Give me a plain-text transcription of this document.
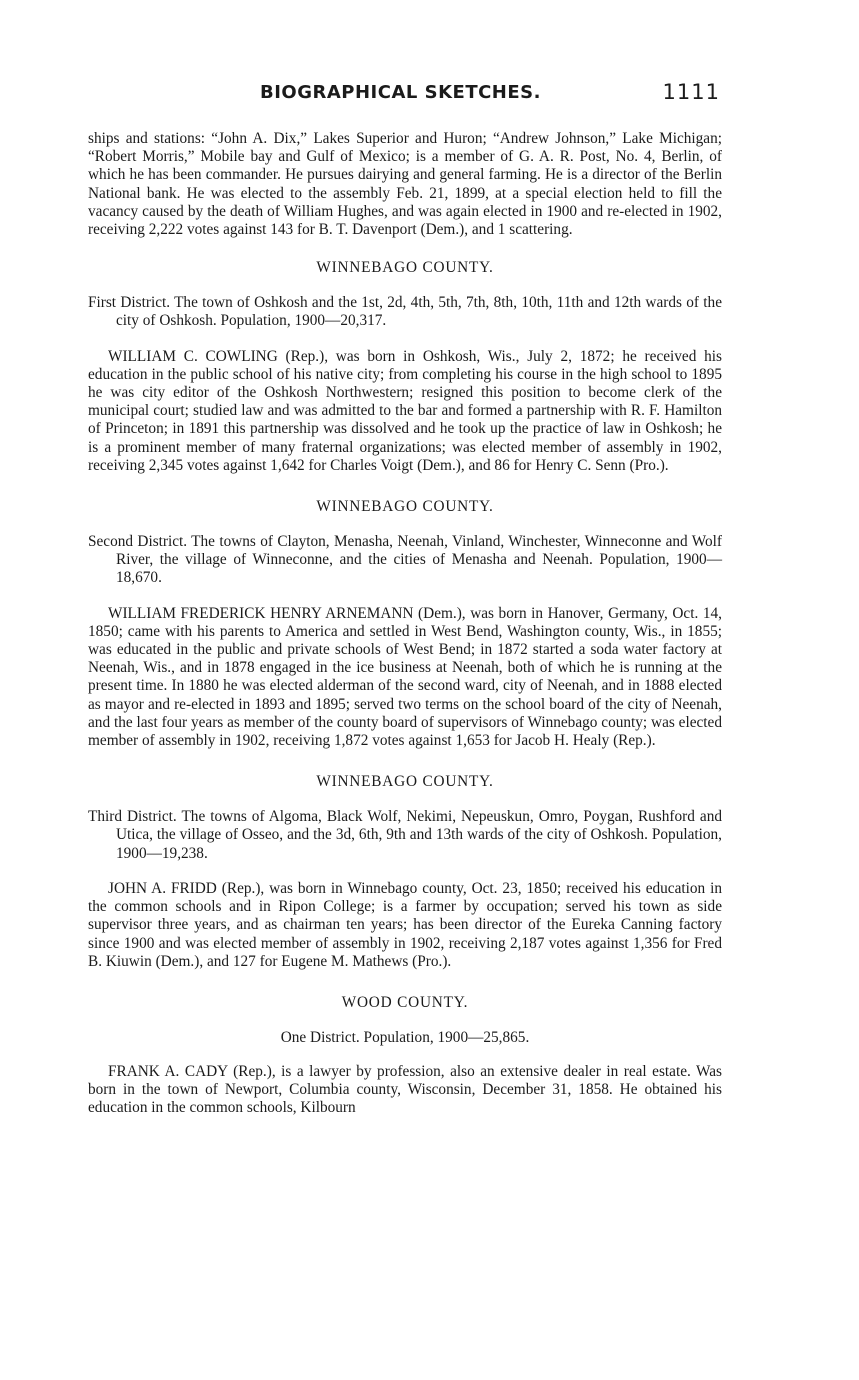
BIOGRAPHICAL SKETCHES.	1111

ships and stations: “John A. Dix,” Lakes Superior and Huron; “Andrew Johnson,” Lake Michigan; “Robert Morris,” Mobile bay and Gulf of Mexico; is a member of G. A. R. Post, No. 4, Berlin, of which he has been commander. He pursues dairying and general farming. He is a director of the Berlin National bank. He was elected to the assembly Feb. 21, 1899, at a special election held to fill the vacancy caused by the death of William Hughes, and was again elected in 1900 and re-elected in 1902, receiving 2,222 votes against 143 for B. T. Davenport (Dem.), and 1 scattering.

WINNEBAGO COUNTY.

First District. The town of Oshkosh and the 1st, 2d, 4th, 5th, 7th, 8th, 10th, 11th and 12th wards of the city of Oshkosh. Population, 1900—20,317.

WILLIAM C. COWLING (Rep.), was born in Oshkosh, Wis., July 2, 1872; he received his education in the public school of his native city; from completing his course in the high school to 1895 he was city editor of the Oshkosh Northwestern; resigned this position to become clerk of the municipal court; studied law and was admitted to the bar and formed a partnership with R. F. Hamilton of Princeton; in 1891 this partnership was dissolved and he took up the practice of law in Oshkosh; he is a prominent member of many fraternal organizations; was elected member of assembly in 1902, receiving 2,345 votes against 1,642 for Charles Voigt (Dem.), and 86 for Henry C. Senn (Pro.).

WINNEBAGO COUNTY.

Second District. The towns of Clayton, Menasha, Neenah, Vinland, Winchester, Winneconne and Wolf River, the village of Winneconne, and the cities of Menasha and Neenah. Population, 1900—18,670.

WILLIAM FREDERICK HENRY ARNEMANN (Dem.), was born in Hanover, Germany, Oct. 14, 1850; came with his parents to America and settled in West Bend, Washington county, Wis., in 1855; was educated in the public and private schools of West Bend; in 1872 started a soda water factory at Neenah, Wis., and in 1878 engaged in the ice business at Neenah, both of which he is running at the present time. In 1880 he was elected alderman of the second ward, city of Neenah, and in 1888 elected as mayor and re-elected in 1893 and 1895; served two terms on the school board of the city of Neenah, and the last four years as member of the county board of supervisors of Winnebago county; was elected member of assembly in 1902, receiving 1,872 votes against 1,653 for Jacob H. Healy (Rep.).

WINNEBAGO COUNTY.

Third District. The towns of Algoma, Black Wolf, Nekimi, Nepeuskun, Omro, Poygan, Rushford and Utica, the village of Osseo, and the 3d, 6th, 9th and 13th wards of the city of Oshkosh. Population, 1900—19,238.

JOHN A. FRIDD (Rep.), was born in Winnebago county, Oct. 23, 1850; received his education in the common schools and in Ripon College; is a farmer by occupation; served his town as side supervisor three years, and as chairman ten years; has been director of the Eureka Canning factory since 1900 and was elected member of assembly in 1902, receiving 2,187 votes against 1,356 for Fred B. Kiuwin (Dem.), and 127 for Eugene M. Mathews (Pro.).

WOOD COUNTY.
One District. Population, 1900—25,865.

FRANK A. CADY (Rep.), is a lawyer by profession, also an extensive dealer in real estate. Was born in the town of Newport, Columbia county, Wisconsin, December 31, 1858. He obtained his education in the common schools, Kilbourn
